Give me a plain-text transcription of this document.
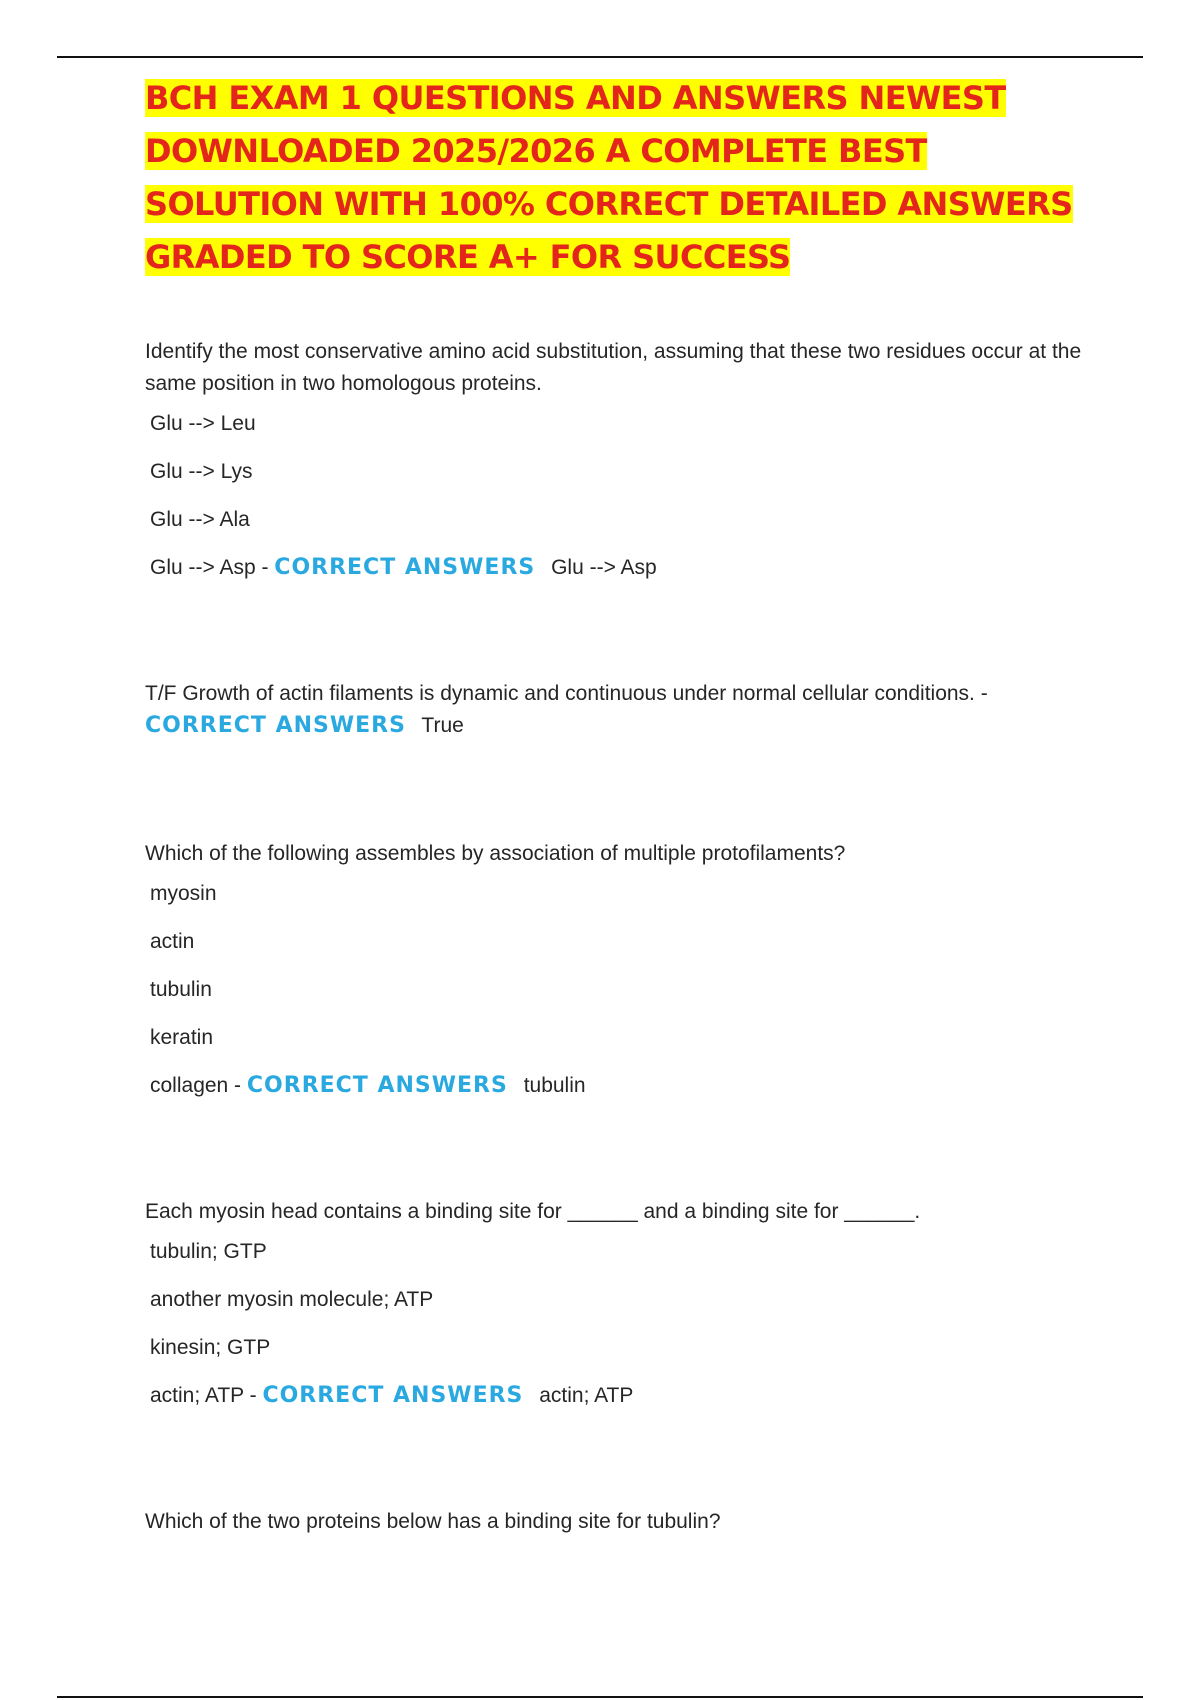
BCH EXAM 1 QUESTIONS AND ANSWERS NEWEST DOWNLOADED 2025/2026 A COMPLETE BEST SOLUTION WITH 100% CORRECT DETAILED ANSWERS GRADED TO SCORE A+ FOR SUCCESS

Identify the most conservative amino acid substitution, assuming that these two residues occur at the same position in two homologous proteins.

Glu --> Leu
Glu --> Lys
Glu --> Ala
Glu --> Asp - CORRECT ANSWERS Glu --> Asp

T/F Growth of actin filaments is dynamic and continuous under normal cellular conditions. -
CORRECT ANSWERS True

Which of the following assembles by association of multiple protofilaments?

myosin
actin
tubulin
keratin
collagen - CORRECT ANSWERS tubulin

Each myosin head contains a binding site for ______ and a binding site for ______.

tubulin; GTP
another myosin molecule; ATP
kinesin; GTP
actin; ATP - CORRECT ANSWERS actin; ATP

Which of the two proteins below has a binding site for tubulin?
